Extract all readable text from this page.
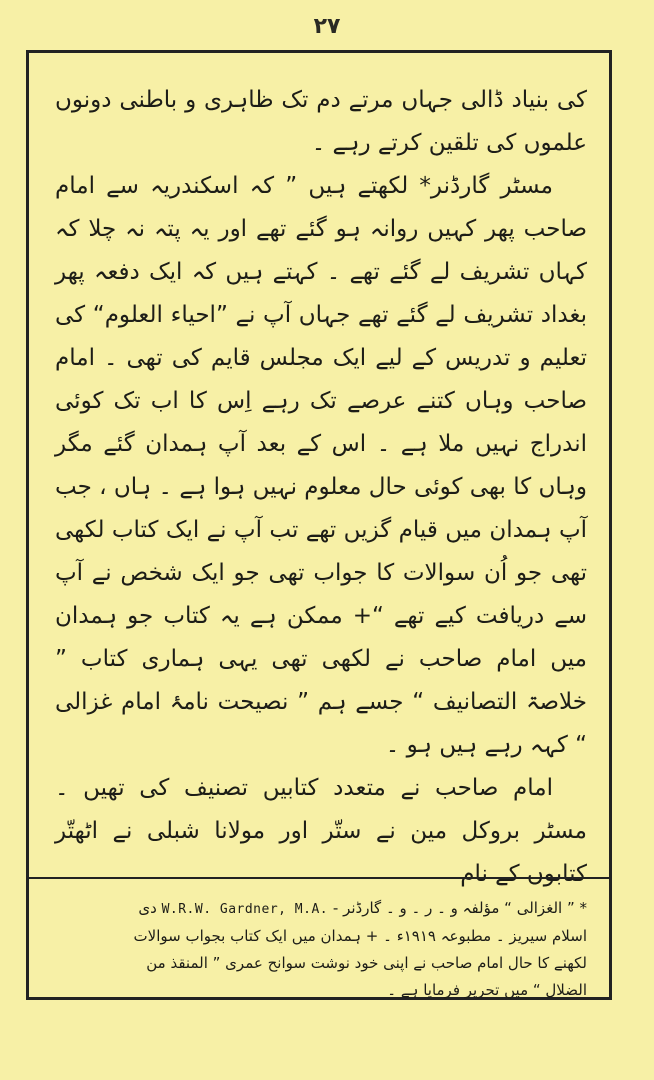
۲۷

کی بنیاد ڈالی جہاں مرتے دم تک ظاہری و باطنی دونوں علموں کی تلقین کرتے رہے ۔

مسٹر گارڈنر* لکھتے ہیں ” کہ اسکندریہ سے امام صاحب پھر کہیں روانہ ہو گئے تھے اور یہ پتہ نہ چلا کہ کہاں تشریف لے گئے تھے ۔ کہتے ہیں کہ ایک دفعہ پھر بغداد تشریف لے گئے تھے جہاں آپ نے ”احیاء العلوم“ کی تعلیم و تدریس کے لیے ایک مجلس قایم کی تھی ۔ امام صاحب وہاں کتنے عرصے تک رہے اِس کا اب تک کوئی اندراج نہیں ملا ہے ۔ اس کے بعد آپ ہمدان گئے مگر وہاں کا بھی کوئی حال معلوم نہیں ہوا ہے ۔ ہاں ، جب آپ ہمدان میں قیام گزیں تھے تب آپ نے ایک کتاب لکھی تھی جو اُن سوالات کا جواب تھی جو ایک شخص نے آپ سے دریافت کیے تھے “+ ممکن ہے یہ کتاب جو ہمدان میں امام صاحب نے لکھی تھی یہی ہماری کتاب ” خلاصۃ التصانیف “ جسے ہم ” نصیحت نامۂ امام غزالی “ کہہ رہے ہیں ہو ۔

امام صاحب نے متعدد کتابیں تصنیف کی تھیں ۔ مسٹر بروکل مین نے ستّر اور مولانا شبلی نے اٹھتّر کتابوں کے نام

* ” الغزالی “ مؤلفہ و ۔ ر ۔ و ۔ گارڈنر - W.R.W. Gardner, M.A. دی
اسلام سیریز ۔ مطبوعہ ۱۹۱۹ء ۔ + ہمدان میں ایک کتاب بجواب سوالات
لکھنے کا حال امام صاحب نے اپنی خود نوشت سوانح عمری ” المنقذ من
الضلال “ میں تحریر فرمایا ہے ۔
